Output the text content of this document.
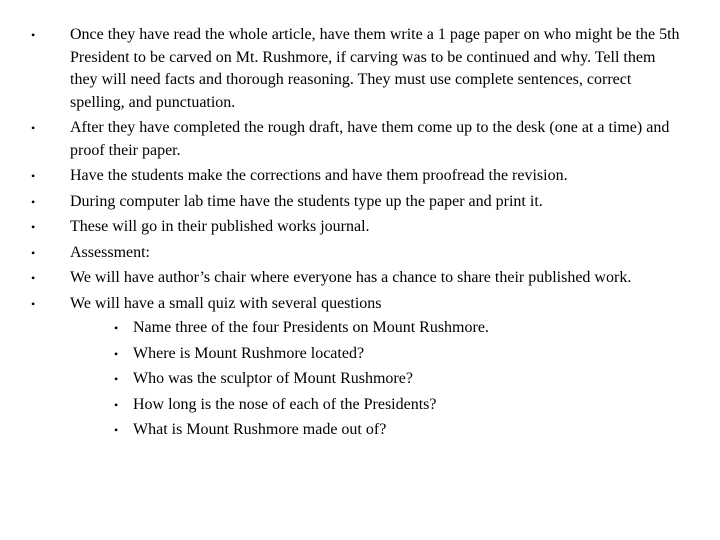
• Once they have read the whole article, have them write a 1 page paper on who might be the 5th President to be carved on Mt. Rushmore, if carving was to be continued and why. Tell them they will need facts and thorough reasoning. They must use complete sentences, correct spelling, and punctuation.
• After they have completed the rough draft, have them come up to the desk (one at a time) and proof their paper.
• Have the students make the corrections and have them proofread the revision.
• During computer lab time have the students type up the paper and print it.
• These will go in their published works journal.
• Assessment:
• We will have author’s chair where everyone has a chance to share their published work.
• We will have a small quiz with several questions
• Name three of the four Presidents on Mount Rushmore.
• Where is Mount Rushmore located?
• Who was the sculptor of Mount Rushmore?
• How long is the nose of each of the Presidents?
• What is Mount Rushmore made out of?
